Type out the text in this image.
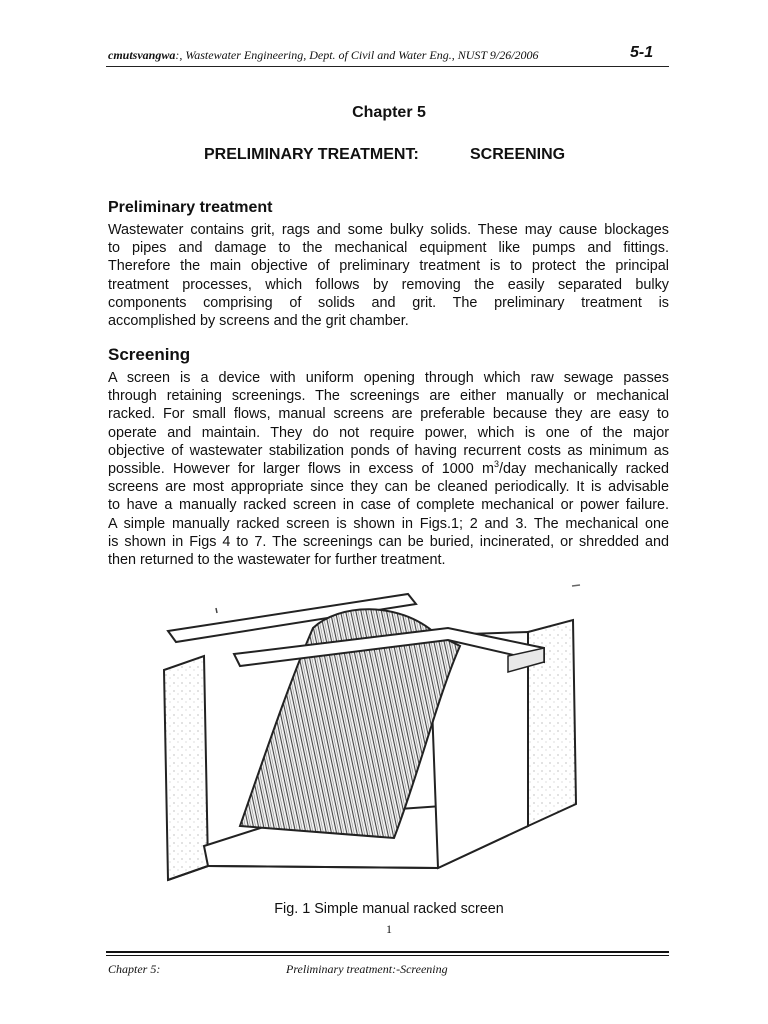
cmutsvangwa:, Wastewater Engineering, Dept. of Civil and Water Eng., NUST 9/26/2006	5-1
Chapter 5
PRELIMINARY TREATMENT:	SCREENING
Preliminary treatment
Wastewater contains grit, rags and some bulky solids. These may cause blockages
to pipes and damage to the mechanical equipment like pumps and fittings.
Therefore the main objective of preliminary treatment is to protect the principal
treatment processes, which follows by removing the easily separated bulky
components comprising of solids and grit. The preliminary treatment is
accomplished by screens and the grit chamber.
Screening
A screen is a device with uniform opening through which raw sewage passes
through retaining screenings. The screenings are either manually or mechanical
racked. For small flows, manual screens are preferable because they are easy to
operate and maintain. They do not require power, which is one of the major
objective of wastewater stabilization ponds of having recurrent costs as minimum as
possible. However for larger flows in excess of 1000 $m^3$/day mechanically racked
screens are most appropriate since they can be cleaned periodically. It is advisable
to have a manually racked screen in case of complete mechanical or power failure.
A simple manually racked screen is shown in Figs.1; 2 and 3. The mechanical one
is shown in Figs 4 to 7. The screenings can be buried, incinerated, or shredded and
then returned to the wastewater for further treatment.
Fig. 1 Simple manual racked screen
1
Chapter 5:	Preliminary treatment:-Screening
